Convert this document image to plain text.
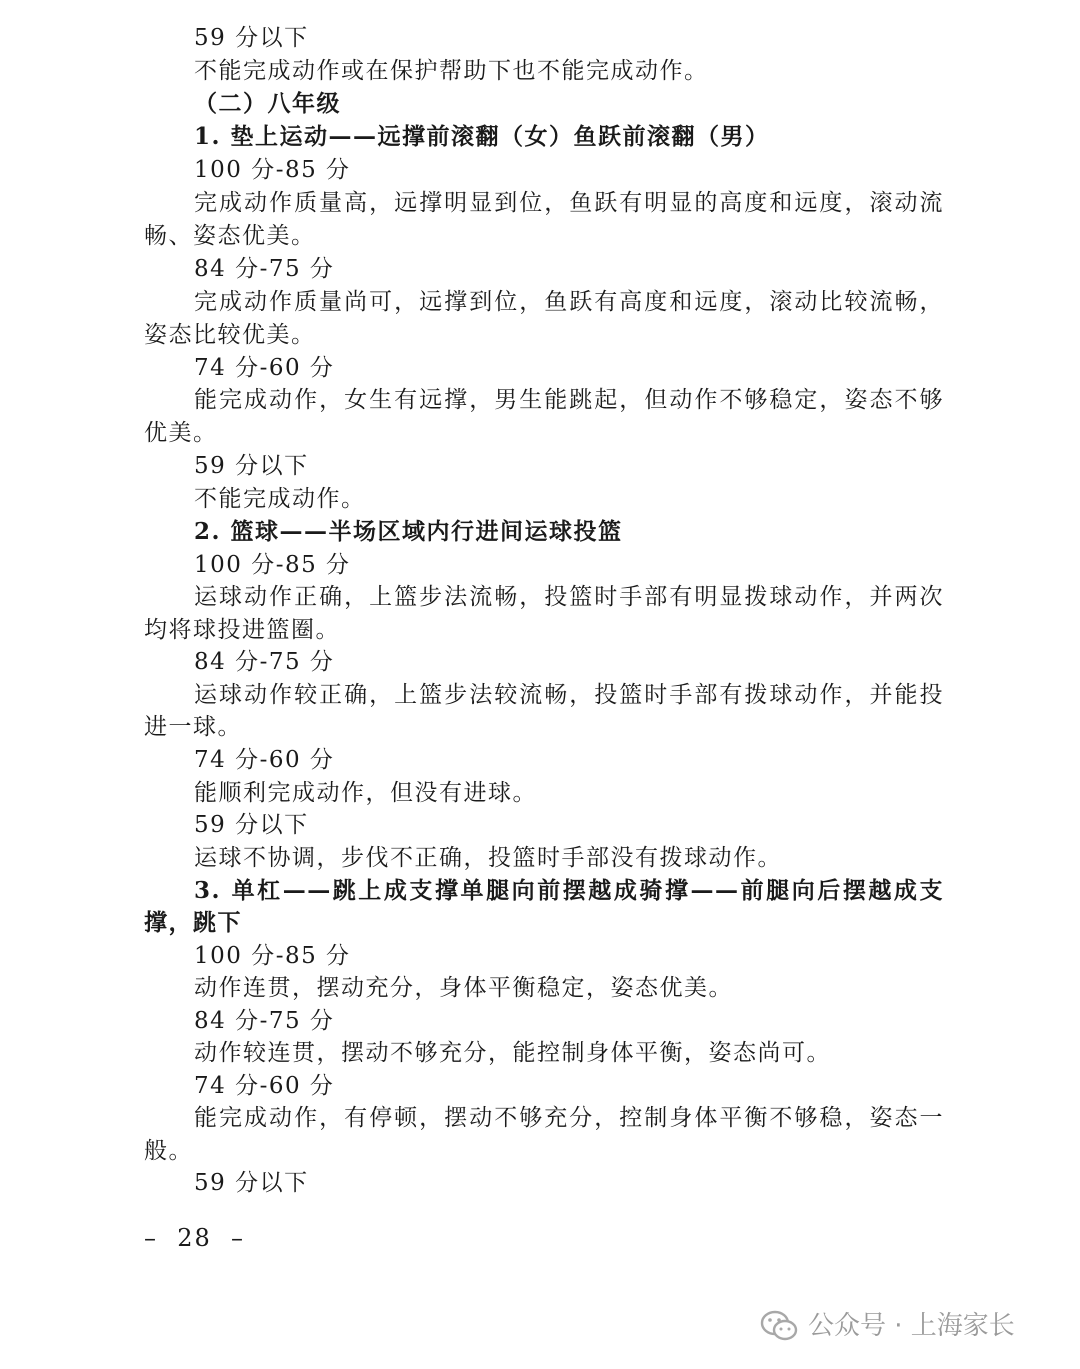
59 分以下
不能完成动作或在保护帮助下也不能完成动作。
（二）八年级
1. 垫上运动——远撑前滚翻（女）鱼跃前滚翻（男）
100 分-85 分
完成动作质量高，远撑明显到位，鱼跃有明显的高度和远度，滚动流
畅、姿态优美。
84 分-75 分
完成动作质量尚可，远撑到位，鱼跃有高度和远度，滚动比较流畅，
姿态比较优美。
74 分-60 分
能完成动作，女生有远撑，男生能跳起，但动作不够稳定，姿态不够
优美。
59 分以下
不能完成动作。
2. 篮球——半场区域内行进间运球投篮
100 分-85 分
运球动作正确，上篮步法流畅，投篮时手部有明显拨球动作，并两次
均将球投进篮圈。
84 分-75 分
运球动作较正确，上篮步法较流畅，投篮时手部有拨球动作，并能投
进一球。
74 分-60 分
能顺利完成动作，但没有进球。
59 分以下
运球不协调，步伐不正确，投篮时手部没有拨球动作。
3. 单杠——跳上成支撑单腿向前摆越成骑撑——前腿向后摆越成支
撑，跳下
100 分-85 分
动作连贯，摆动充分，身体平衡稳定，姿态优美。
84 分-75 分
动作较连贯，摆动不够充分，能控制身体平衡，姿态尚可。
74 分-60 分
能完成动作，有停顿，摆动不够充分，控制身体平衡不够稳，姿态一
般。
59 分以下
–  28  –
公众号 · 上海家长
